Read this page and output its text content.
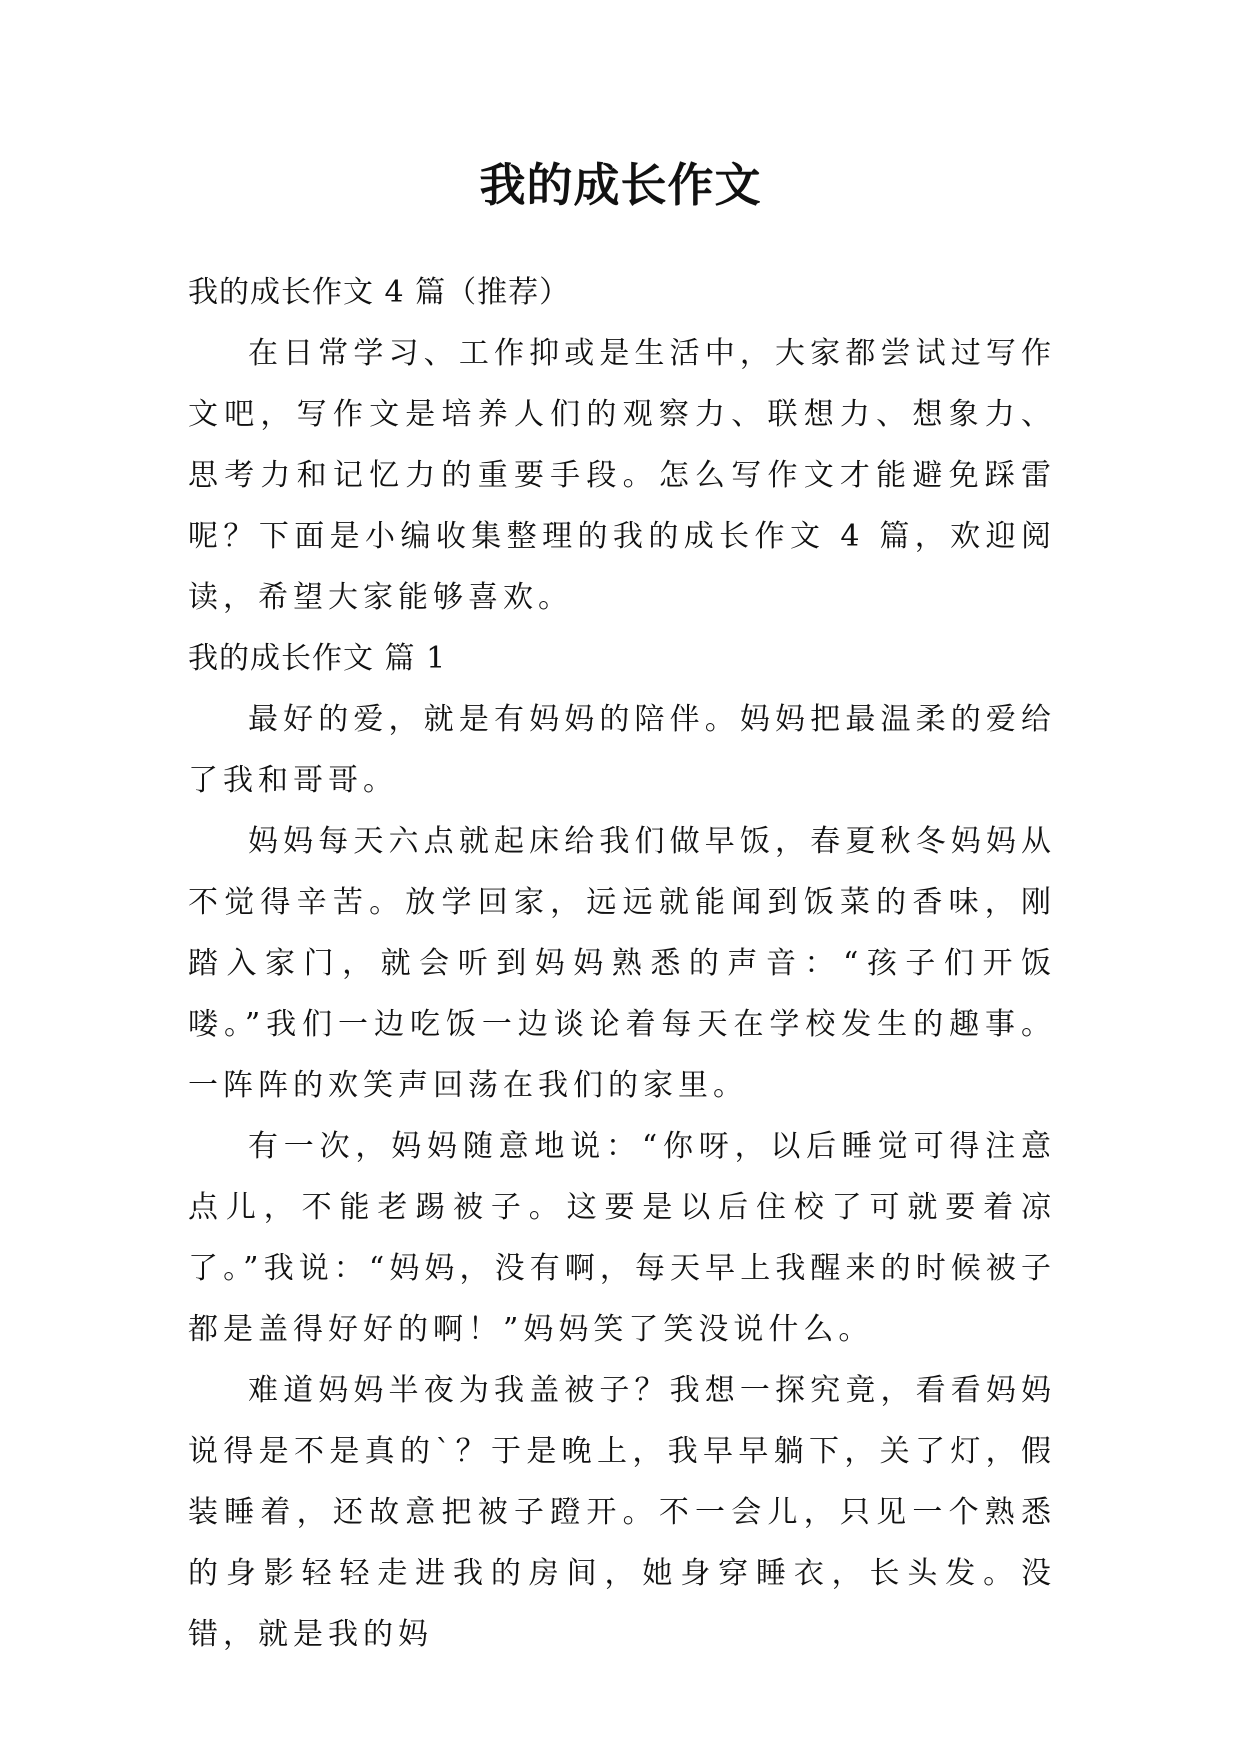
我的成长作文

我的成长作文 4 篇（推荐）

在日常学习、工作抑或是生活中，大家都尝试过写作文吧，写作文是培养人们的观察力、联想力、想象力、思考力和记忆力的重要手段。怎么写作文才能避免踩雷呢？下面是小编收集整理的我的成长作文 4 篇，欢迎阅读，希望大家能够喜欢。

我的成长作文 篇 1

最好的爱，就是有妈妈的陪伴。妈妈把最温柔的爱给了我和哥哥。

妈妈每天六点就起床给我们做早饭，春夏秋冬妈妈从不觉得辛苦。放学回家，远远就能闻到饭菜的香味，刚踏入家门，就会听到妈妈熟悉的声音：“孩子们开饭喽。”我们一边吃饭一边谈论着每天在学校发生的趣事。一阵阵的欢笑声回荡在我们的家里。

有一次，妈妈随意地说：“你呀，以后睡觉可得注意点儿，不能老踢被子。这要是以后住校了可就要着凉了。”我说：“妈妈，没有啊，每天早上我醒来的时候被子都是盖得好好的啊！”妈妈笑了笑没说什么。

难道妈妈半夜为我盖被子？我想一探究竟，看看妈妈说得是不是真的`？于是晚上，我早早躺下，关了灯，假装睡着，还故意把被子蹬开。不一会儿，只见一个熟悉的身影轻轻走进我的房间，她身穿睡衣，长头发。没错，就是我的妈
